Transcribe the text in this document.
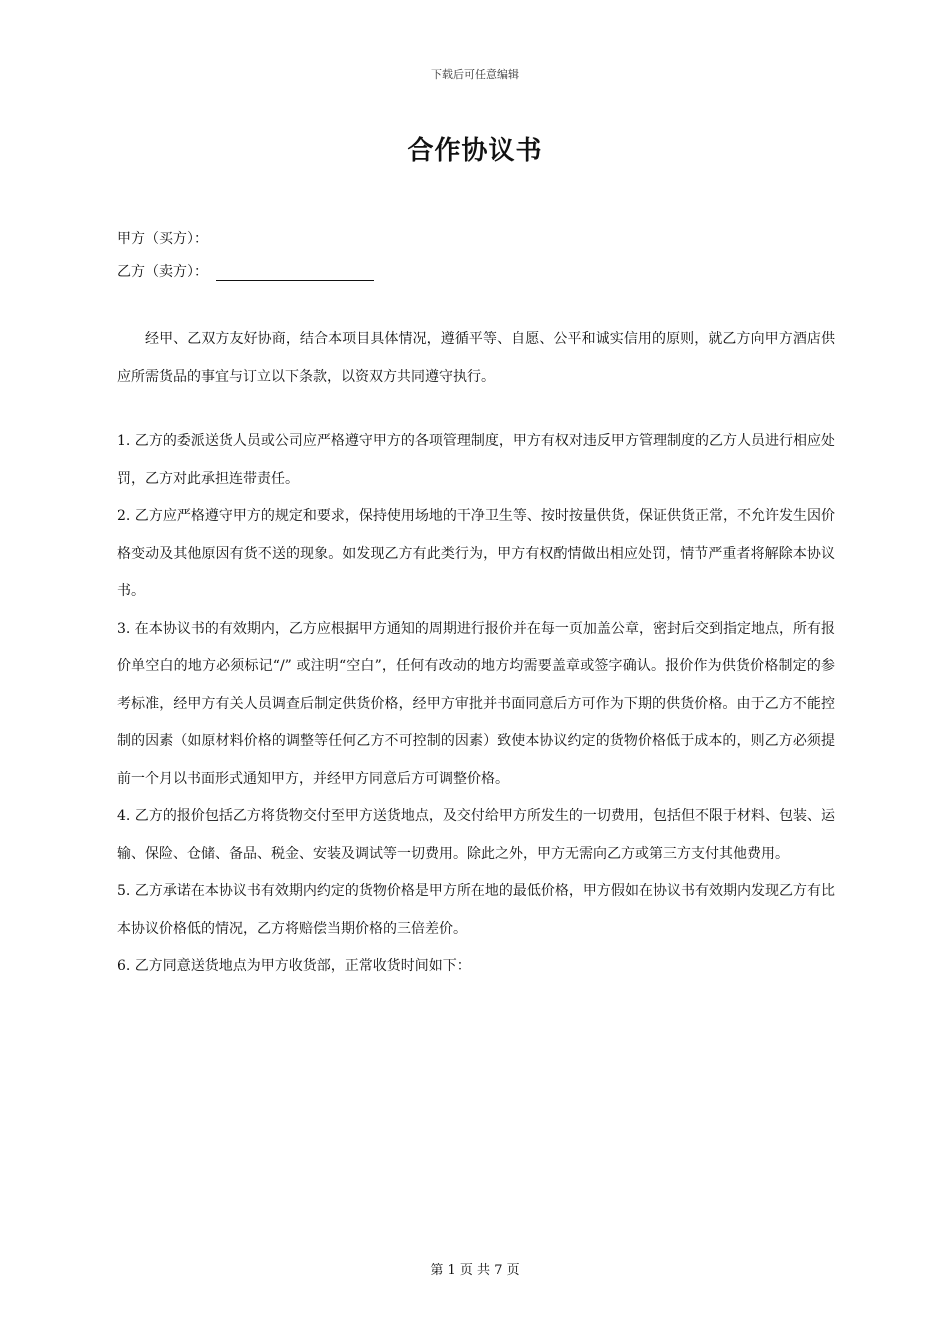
下载后可任意编辑
合作协议书
甲方（买方）：
乙方（卖方）：
经甲、乙双方友好协商，结合本项目具体情况，遵循平等、自愿、公平和诚实信用的原则，就乙方向甲方酒店供应所需货品的事宜与订立以下条款，以资双方共同遵守执行。

1. 乙方的委派送货人员或公司应严格遵守甲方的各项管理制度，甲方有权对违反甲方管理制度的乙方人员进行相应处罚，乙方对此承担连带责任。

2. 乙方应严格遵守甲方的规定和要求，保持使用场地的干净卫生等、按时按量供货，保证供货正常，不允许发生因价格变动及其他原因有货不送的现象。如发现乙方有此类行为，甲方有权酌情做出相应处罚，情节严重者将解除本协议书。

3. 在本协议书的有效期内，乙方应根据甲方通知的周期进行报价并在每一页加盖公章，密封后交到指定地点，所有报价单空白的地方必须标记“/” 或注明“空白”，任何有改动的地方均需要盖章或签字确认。报价作为供货价格制定的参考标准，经甲方有关人员调查后制定供货价格，经甲方审批并书面同意后方可作为下期的供货价格。由于乙方不能控制的因素（如原材料价格的调整等任何乙方不可控制的因素）致使本协议约定的货物价格低于成本的，则乙方必须提前一个月以书面形式通知甲方，并经甲方同意后方可调整价格。

4. 乙方的报价包括乙方将货物交付至甲方送货地点，及交付给甲方所发生的一切费用，包括但不限于材料、包装、运输、保险、仓储、备品、税金、安装及调试等一切费用。除此之外，甲方无需向乙方或第三方支付其他费用。

5. 乙方承诺在本协议书有效期内约定的货物价格是甲方所在地的最低价格，甲方假如在协议书有效期内发现乙方有比本协议价格低的情况，乙方将赔偿当期价格的三倍差价。

6. 乙方同意送货地点为甲方收货部，正常收货时间如下：

第 1 页 共 7 页
